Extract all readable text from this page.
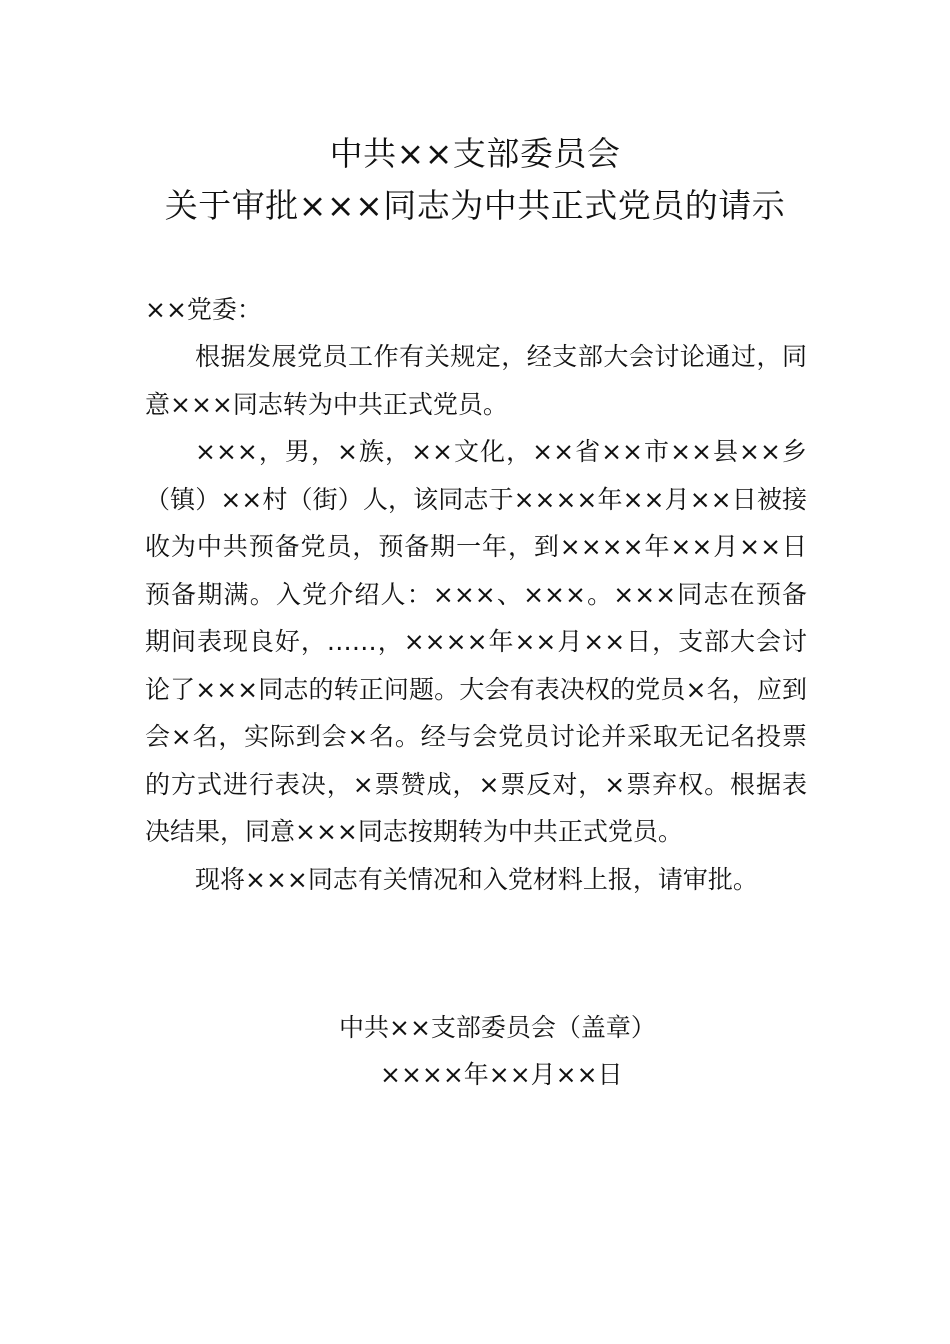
中共××支部委员会
关于审批×××同志为中共正式党员的请示

××党委：

根据发展党员工作有关规定，经支部大会讨论通过，同意×××同志转为中共正式党员。

×××，男，×族，××文化，××省××市××县××乡（镇）××村（街）人，该同志于××××年××月××日被接收为中共预备党员，预备期一年，到××××年××月××日预备期满。入党介绍人：×××、×××。×××同志在预备期间表现良好，……，××××年××月××日，支部大会讨论了×××同志的转正问题。大会有表决权的党员×名，应到会×名，实际到会×名。经与会党员讨论并采取无记名投票的方式进行表决，×票赞成，×票反对，×票弃权。根据表决结果，同意×××同志按期转为中共正式党员。

现将×××同志有关情况和入党材料上报，请审批。

中共××支部委员会（盖章）
××××年××月××日
